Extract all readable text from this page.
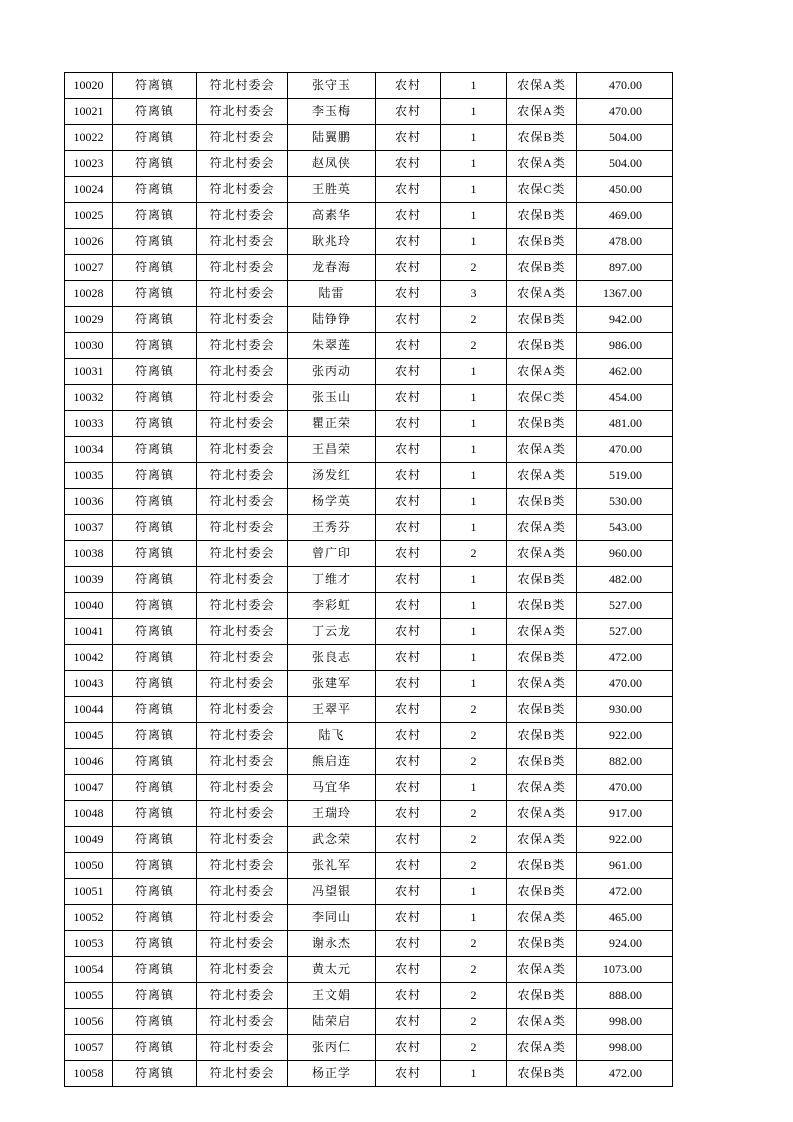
10020	符离镇	符北村委会	张守玉	农村	1	农保A类	470.00
10021	符离镇	符北村委会	李玉梅	农村	1	农保A类	470.00
10022	符离镇	符北村委会	陆翼鹏	农村	1	农保B类	504.00
10023	符离镇	符北村委会	赵凤侠	农村	1	农保A类	504.00
10024	符离镇	符北村委会	王胜英	农村	1	农保C类	450.00
10025	符离镇	符北村委会	高素华	农村	1	农保B类	469.00
10026	符离镇	符北村委会	耿兆玲	农村	1	农保B类	478.00
10027	符离镇	符北村委会	龙春海	农村	2	农保B类	897.00
10028	符离镇	符北村委会	陆雷	农村	3	农保A类	1367.00
10029	符离镇	符北村委会	陆铮铮	农村	2	农保B类	942.00
10030	符离镇	符北村委会	朱翠莲	农村	2	农保B类	986.00
10031	符离镇	符北村委会	张丙动	农村	1	农保A类	462.00
10032	符离镇	符北村委会	张玉山	农村	1	农保C类	454.00
10033	符离镇	符北村委会	瞿正荣	农村	1	农保B类	481.00
10034	符离镇	符北村委会	王昌荣	农村	1	农保A类	470.00
10035	符离镇	符北村委会	汤发红	农村	1	农保A类	519.00
10036	符离镇	符北村委会	杨学英	农村	1	农保B类	530.00
10037	符离镇	符北村委会	王秀芬	农村	1	农保A类	543.00
10038	符离镇	符北村委会	曾广印	农村	2	农保A类	960.00
10039	符离镇	符北村委会	丁维才	农村	1	农保B类	482.00
10040	符离镇	符北村委会	李彩虹	农村	1	农保B类	527.00
10041	符离镇	符北村委会	丁云龙	农村	1	农保A类	527.00
10042	符离镇	符北村委会	张良志	农村	1	农保B类	472.00
10043	符离镇	符北村委会	张建军	农村	1	农保A类	470.00
10044	符离镇	符北村委会	王翠平	农村	2	农保B类	930.00
10045	符离镇	符北村委会	陆飞	农村	2	农保B类	922.00
10046	符离镇	符北村委会	熊启连	农村	2	农保B类	882.00
10047	符离镇	符北村委会	马宜华	农村	1	农保A类	470.00
10048	符离镇	符北村委会	王瑞玲	农村	2	农保A类	917.00
10049	符离镇	符北村委会	武念荣	农村	2	农保A类	922.00
10050	符离镇	符北村委会	张礼军	农村	2	农保B类	961.00
10051	符离镇	符北村委会	冯望银	农村	1	农保B类	472.00
10052	符离镇	符北村委会	李同山	农村	1	农保A类	465.00
10053	符离镇	符北村委会	谢永杰	农村	2	农保B类	924.00
10054	符离镇	符北村委会	黄太元	农村	2	农保A类	1073.00
10055	符离镇	符北村委会	王文娟	农村	2	农保B类	888.00
10056	符离镇	符北村委会	陆荣启	农村	2	农保A类	998.00
10057	符离镇	符北村委会	张丙仁	农村	2	农保A类	998.00
10058	符离镇	符北村委会	杨正学	农村	1	农保B类	472.00
